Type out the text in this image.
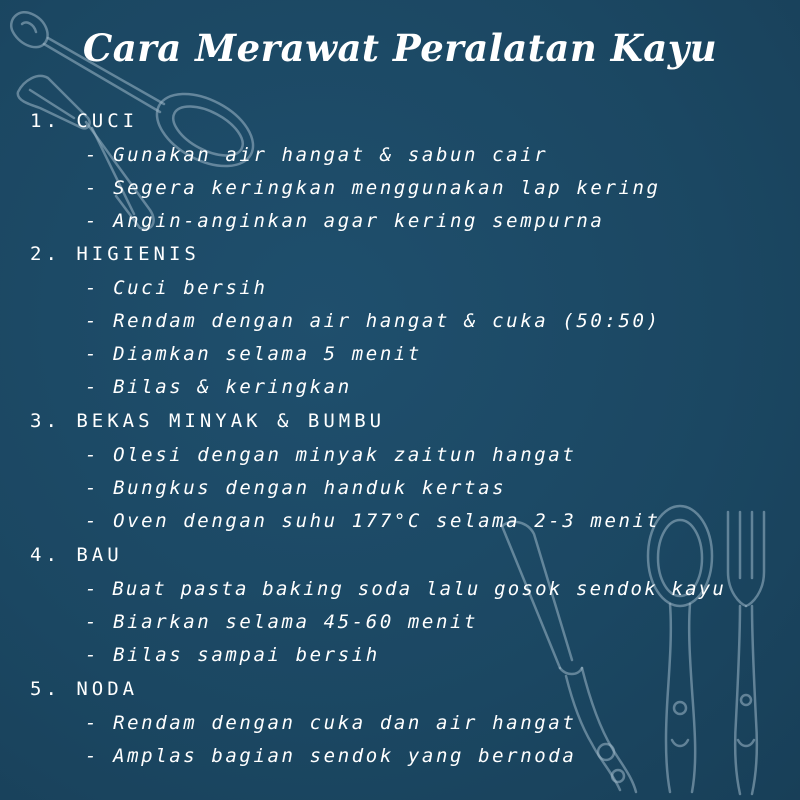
Cara Merawat Peralatan Kayu
1. CUCI
- Gunakan air hangat & sabun cair
- Segera keringkan menggunakan lap kering
- Angin-anginkan agar kering sempurna
2. HIGIENIS
- Cuci bersih
- Rendam dengan air hangat & cuka (50:50)
- Diamkan selama 5 menit
- Bilas & keringkan
3. BEKAS MINYAK & BUMBU
- Olesi dengan minyak zaitun hangat
- Bungkus dengan handuk kertas
- Oven dengan suhu 177°C selama 2-3 menit
4. BAU
- Buat pasta baking soda lalu gosok sendok kayu
- Biarkan selama 45-60 menit
- Bilas sampai bersih
5. NODA
- Rendam dengan cuka dan air hangat
- Amplas bagian sendok yang bernoda
